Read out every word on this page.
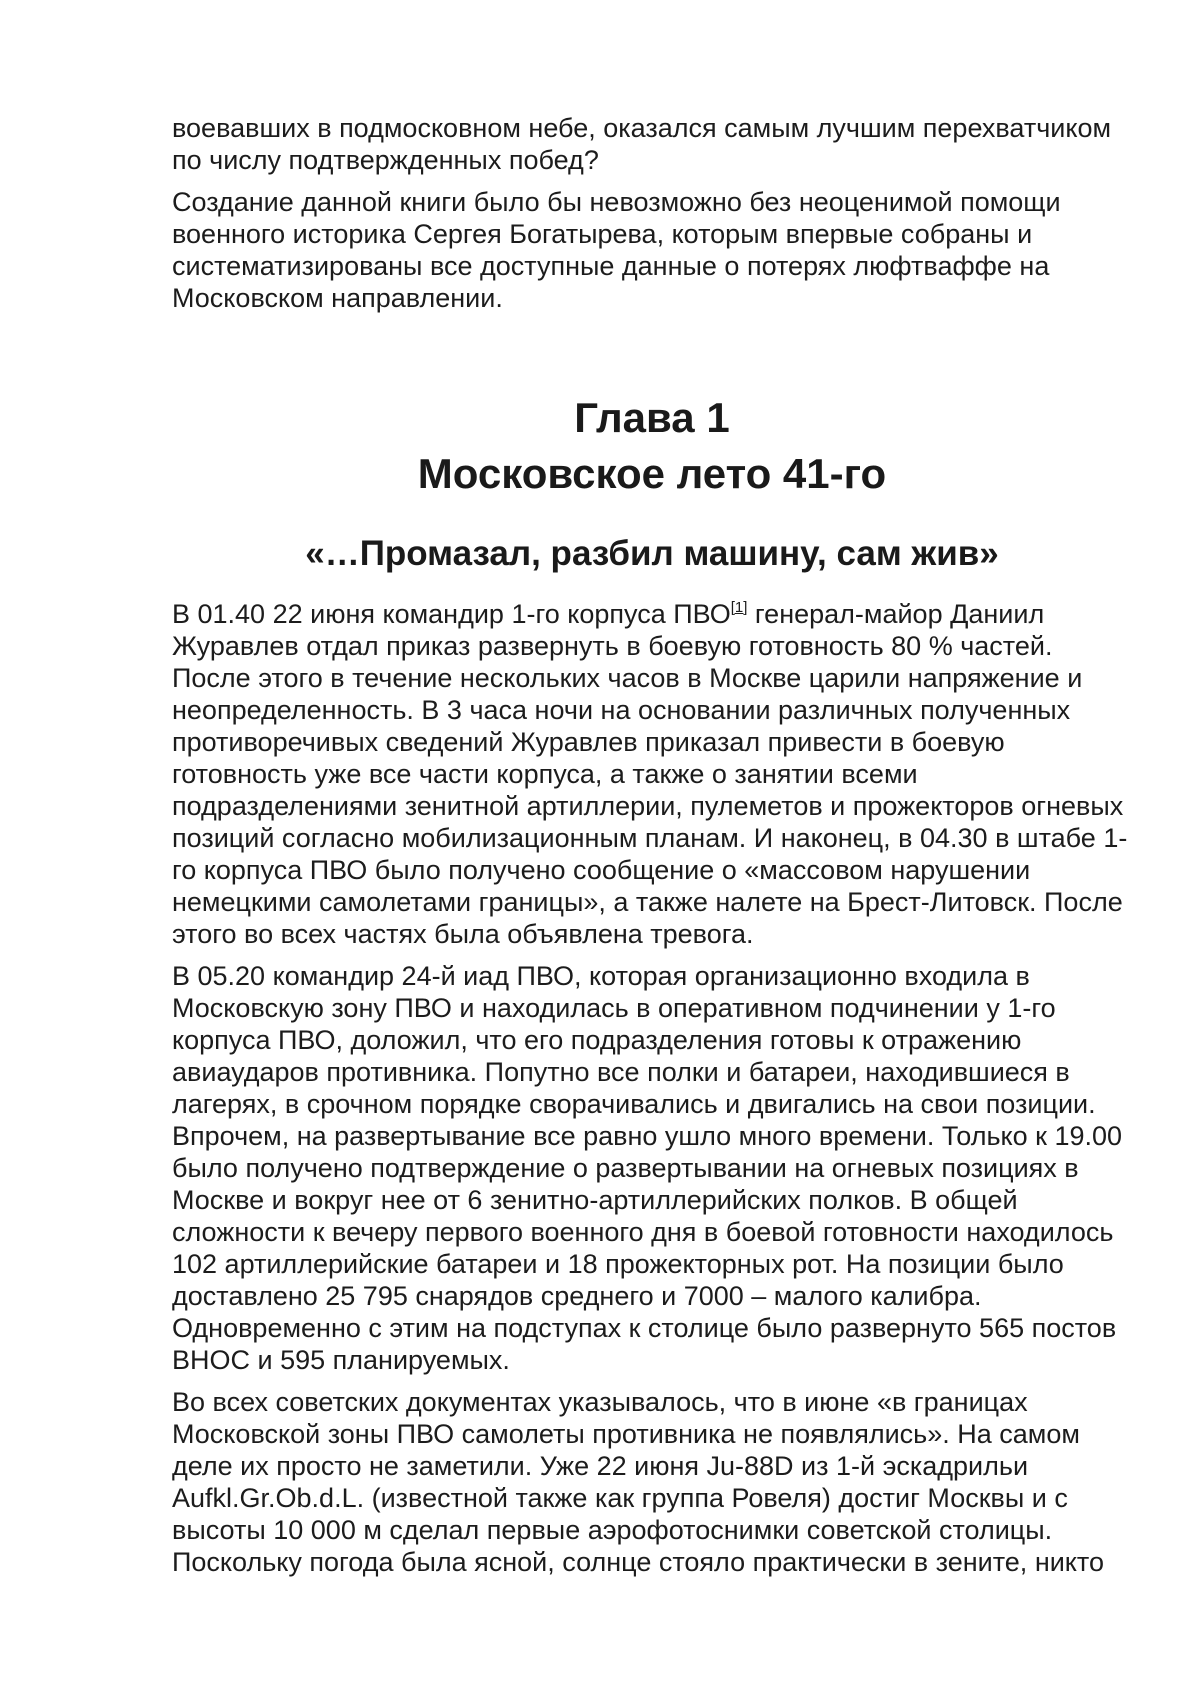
воевавших в подмосковном небе, оказался самым лучшим перехватчиком по числу подтвержденных побед?

Создание данной книги было бы невозможно без неоценимой помощи военного историка Сергея Богатырева, которым впервые собраны и систематизированы все доступные данные о потерях люфтваффе на Московском направлении.

Глава 1
Московское лето 41-го
«…Промазал, разбил машину, сам жив»

В 01.40 22 июня командир 1-го корпуса ПВО[1] генерал-майор Даниил Журавлев отдал приказ развернуть в боевую готовность 80 % частей. После этого в течение нескольких часов в Москве царили напряжение и неопределенность. В 3 часа ночи на основании различных полученных противоречивых сведений Журавлев приказал привести в боевую готовность уже все части корпуса, а также о занятии всеми подразделениями зенитной артиллерии, пулеметов и прожекторов огневых позиций согласно мобилизационным планам. И наконец, в 04.30 в штабе 1-го корпуса ПВО было получено сообщение о «массовом нарушении немецкими самолетами границы», а также налете на Брест-Литовск. После этого во всех частях была объявлена тревога.

В 05.20 командир 24-й иад ПВО, которая организационно входила в Московскую зону ПВО и находилась в оперативном подчинении у 1-го корпуса ПВО, доложил, что его подразделения готовы к отражению авиаударов противника. Попутно все полки и батареи, находившиеся в лагерях, в срочном порядке сворачивались и двигались на свои позиции. Впрочем, на развертывание все равно ушло много времени. Только к 19.00 было получено подтверждение о развертывании на огневых позициях в Москве и вокруг нее от 6 зенитно-артиллерийских полков. В общей сложности к вечеру первого военного дня в боевой готовности находилось 102 артиллерийские батареи и 18 прожекторных рот. На позиции было доставлено 25 795 снарядов среднего и 7000 – малого калибра. Одновременно с этим на подступах к столице было развернуто 565 постов ВНОС и 595 планируемых.

Во всех советских документах указывалось, что в июне «в границах Московской зоны ПВО самолеты противника не появлялись». На самом деле их просто не заметили. Уже 22 июня Ju-88D из 1-й эскадрильи Aufkl.Gr.Ob.d.L. (известной также как группа Ровеля) достиг Москвы и с высоты 10 000 м сделал первые аэрофотоснимки советской столицы. Поскольку погода была ясной, солнце стояло практически в зените, никто
